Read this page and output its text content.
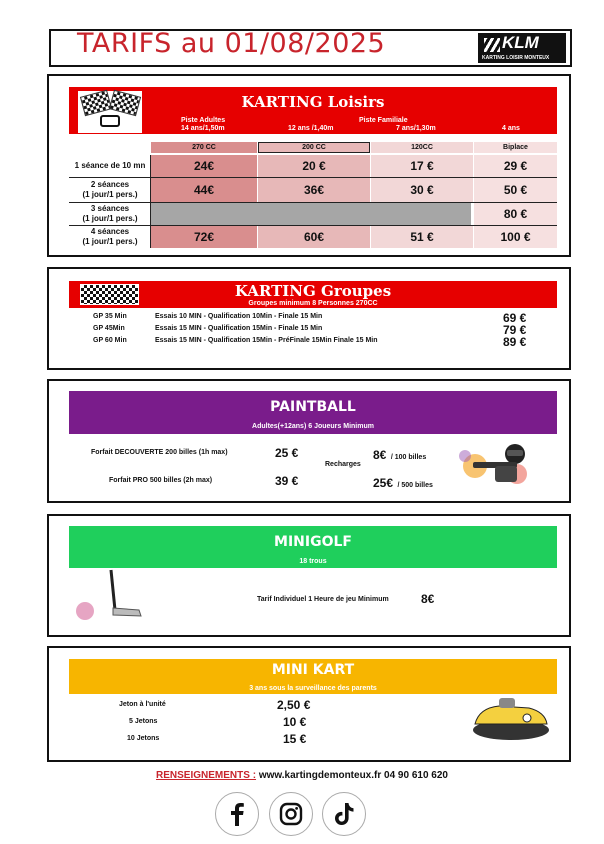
TARIFS au 01/08/2025	KLM
KARTING LOISIR MONTEUX
KARTING Loisirs
Piste Adultes	Piste Familiale
14 ans/1,50m	12 ans /1,40m	7 ans/1,30m	4 ans
270 CC	200 CC	120CC	Biplace
1 séance de 10 mn	24€	20 €	17 €	29 €
2 séances
(1 jour/1 pers.)	44€	36€	30 €	50 €
3 séances
(1 jour/1 pers.)	80 €
4 séances
(1 jour/1 pers.)	72€	60€	51 €	100 €
KARTING Groupes
Groupes minimum 8 Personnes 270CC
GP 35 Min	Essais 10 MIN - Qualification 10Min - Finale 15 Min	69 €
GP 45Min	Essais 15 MIN - Qualification 15Min - Finale 15 Min	79 €
GP 60 Min	Essais 15 MIN - Qualification 15Min - PréFinale 15Min Finale 15 Min	89 €
PAINTBALL
Adultes(+12ans) 6 Joueurs Minimum
Forfait DECOUVERTE 200 billes (1h max)	25 €
Forfait PRO 500 billes (2h max)	39 €
Recharges
8€ / 100 billes
25€ / 500 billes
MINIGOLF
18 trous
Tarif Individuel 1 Heure de jeu Minimum	8€
MINI KART
3 ans sous la surveillance des parents
Jeton à l'unité	2,50 €
5 Jetons	10 €
10 Jetons	15 €
RENSEIGNEMENTS : www.kartingdemonteux.fr 04 90 610 620
